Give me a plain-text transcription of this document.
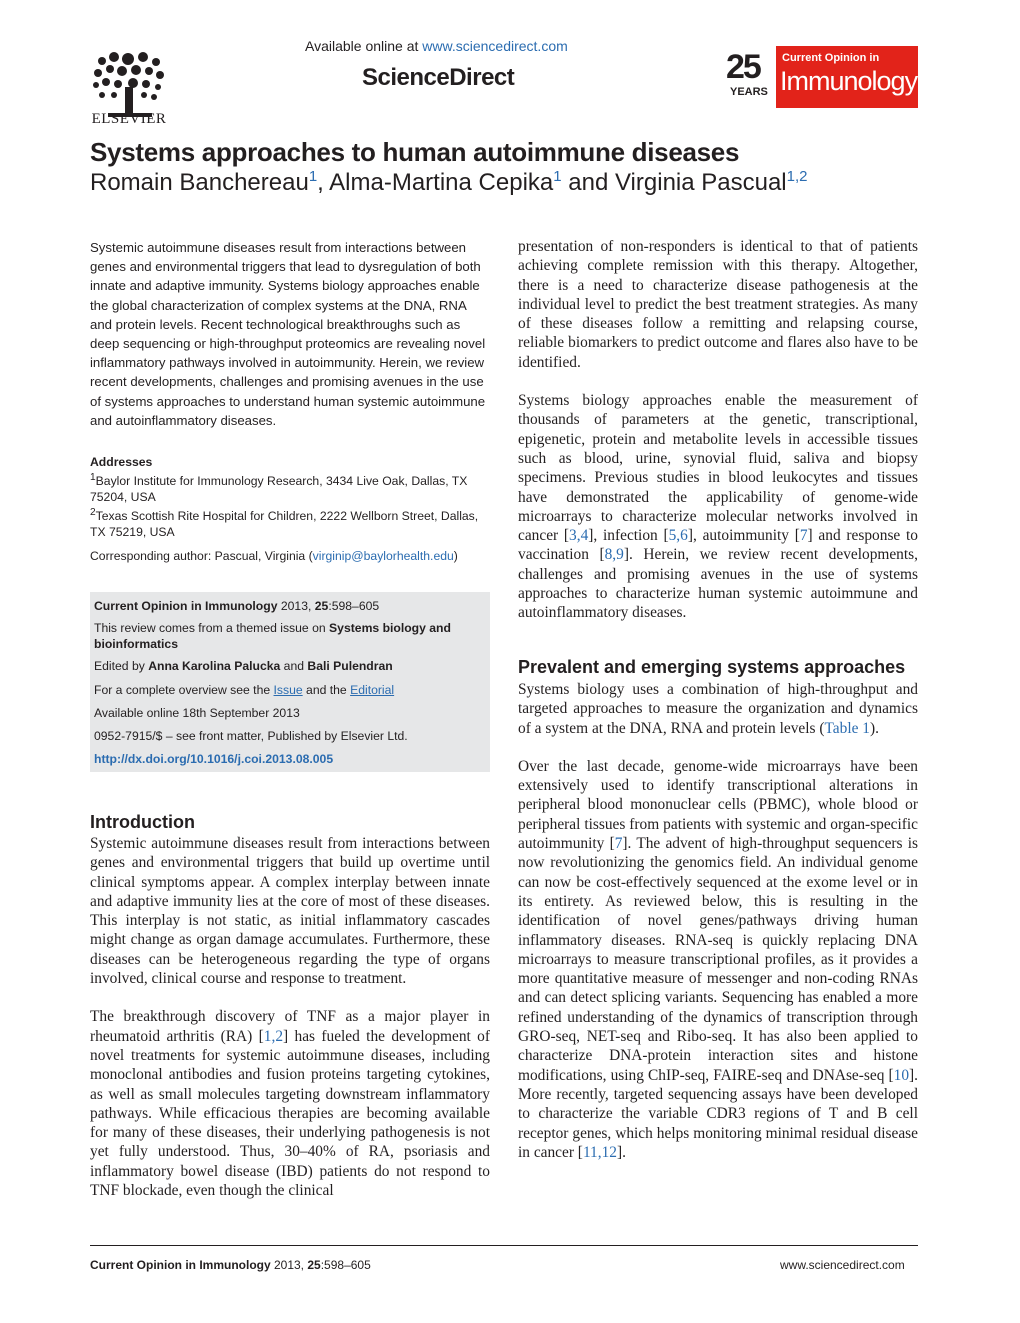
ELSEVIER
Available online at www.sciencedirect.com
ScienceDirect	25
YEARS
Current Opinion in
Immunology
Systems approaches to human autoimmune diseases
Romain Banchereau$^1$, Alma-Martina Cepika$^1$ and Virginia Pascual$^{1,2}$
Systemic autoimmune diseases result from interactions between genes and environmental triggers that lead to dysregulation of both innate and adaptive immunity. Systems biology approaches enable the global characterization of complex systems at the DNA, RNA and protein levels. Recent technological breakthroughs such as deep sequencing or high-throughput proteomics are revealing novel inflammatory pathways involved in autoimmunity. Herein, we review recent developments, challenges and promising avenues in the use of systems approaches to understand human systemic autoimmune and autoinflammatory diseases.
Addresses

$^1$Baylor Institute for Immunology Research, 3434 Live Oak, Dallas, TX 75204, USA

$^2$Texas Scottish Rite Hospital for Children, 2222 Wellborn Street, Dallas, TX 75219, USA

Corresponding author: Pascual, Virginia (virginip@baylorhealth.edu)
Current Opinion in Immunology 2013, 25:598–605
This review comes from a themed issue on Systems biology and bioinformatics
Edited by Anna Karolina Palucka and Bali Pulendran
For a complete overview see the Issue and the Editorial
Available online 18th September 2013
0952-7915/$ – see front matter, Published by Elsevier Ltd.
http://dx.doi.org/10.1016/j.coi.2013.08.005
Introduction

Systemic autoimmune diseases result from interactions between genes and environmental triggers that build up overtime until clinical symptoms appear. A complex interplay between innate and adaptive immunity lies at the core of most of these diseases. This interplay is not static, as initial inflammatory cascades might change as organ damage accumulates. Furthermore, these diseases can be heterogeneous regarding the type of organs involved, clinical course and response to treatment.

The breakthrough discovery of TNF as a major player in rheumatoid arthritis (RA) [1,2] has fueled the development of novel treatments for systemic autoimmune diseases, including monoclonal antibodies and fusion proteins targeting cytokines, as well as small molecules targeting downstream inflammatory pathways. While efficacious therapies are becoming available for many of these diseases, their underlying pathogenesis is not yet fully understood. Thus, 30–40% of RA, psoriasis and inflammatory bowel disease (IBD) patients do not respond to TNF blockade, even though the clinical

presentation of non-responders is identical to that of patients achieving complete remission with this therapy. Altogether, there is a need to characterize disease pathogenesis at the individual level to predict the best treatment strategies. As many of these diseases follow a remitting and relapsing course, reliable biomarkers to predict outcome and flares also have to be identified.

Systems biology approaches enable the measurement of thousands of parameters at the genetic, transcriptional, epigenetic, protein and metabolite levels in accessible tissues such as blood, urine, synovial fluid, saliva and biopsy specimens. Previous studies in blood leukocytes and tissues have demonstrated the applicability of genome-wide microarrays to characterize molecular networks involved in cancer [3,4], infection [5,6], autoimmunity [7] and response to vaccination [8,9]. Herein, we review recent developments, challenges and promising avenues in the use of systems approaches to characterize human systemic autoimmune and autoinflammatory diseases.

Prevalent and emerging systems approaches

Systems biology uses a combination of high-throughput and targeted approaches to measure the organization and dynamics of a system at the DNA, RNA and protein levels (Table 1).

Over the last decade, genome-wide microarrays have been extensively used to identify transcriptional alterations in peripheral blood mononuclear cells (PBMC), whole blood or peripheral tissues from patients with systemic and organ-specific autoimmunity [7]. The advent of high-throughput sequencers is now revolutionizing the genomics field. An individual genome can now be cost-effectively sequenced at the exome level or in its entirety. As reviewed below, this is resulting in the identification of novel genes/pathways driving human inflammatory diseases. RNA-seq is quickly replacing DNA microarrays to measure transcriptional profiles, as it provides a more quantitative measure of messenger and non-coding RNAs and can detect splicing variants. Sequencing has enabled a more refined understanding of the dynamics of transcription through GRO-seq, NET-seq and Ribo-seq. It has also been applied to characterize DNA-protein interaction sites and histone modifications, using ChIP-seq, FAIRE-seq and DNAse-seq [10]. More recently, targeted sequencing assays have been developed to characterize the variable CDR3 regions of T and B cell receptor genes, which helps monitoring minimal residual disease in cancer [11,12].

Current Opinion in Immunology 2013, 25:598–605	www.sciencedirect.com
